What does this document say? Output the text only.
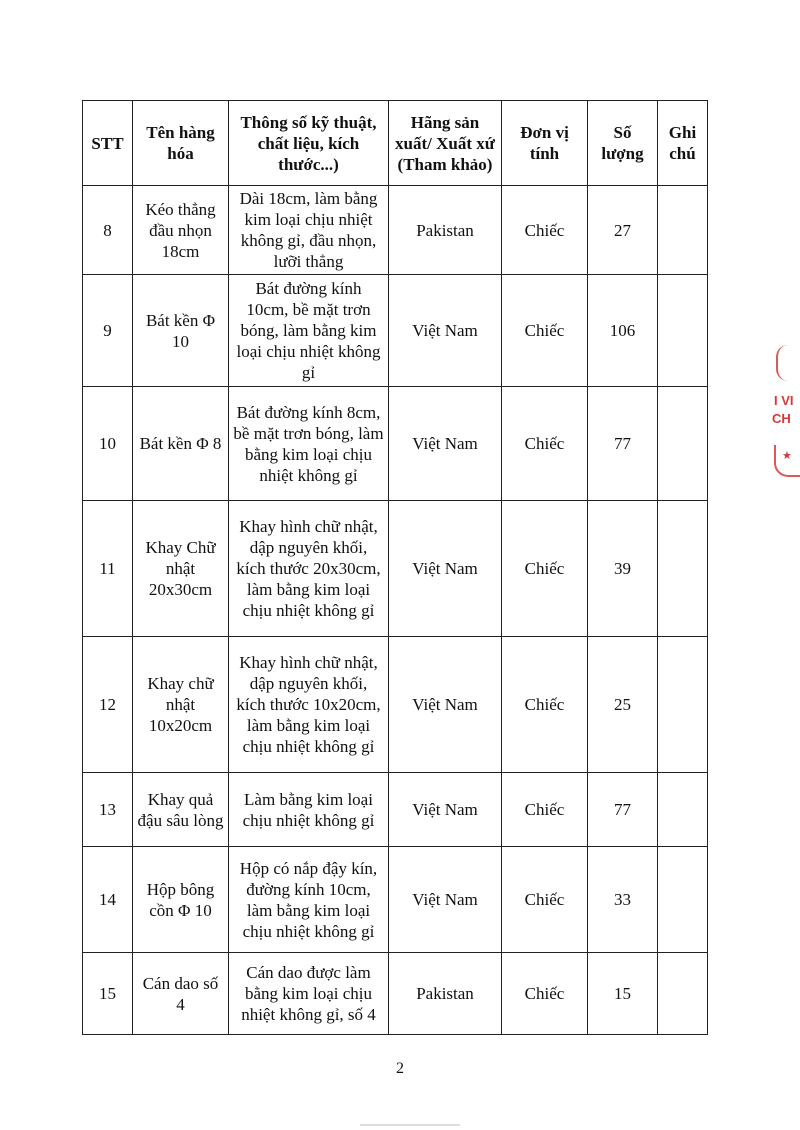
STT	Tên hàng hóa	Thông số kỹ thuật, chất liệu, kích thước...)	Hãng sản xuất/ Xuất xứ (Tham khảo)	Đơn vị tính	Số lượng	Ghi chú
8	Kéo thẳng đầu nhọn 18cm	Dài 18cm, làm bằng kim loại chịu nhiệt không gỉ, đầu nhọn, lưỡi thẳng	Pakistan	Chiếc	27	
9	Bát kền Φ 10	Bát đường kính 10cm, bề mặt trơn bóng, làm bằng kim loại chịu nhiệt không gỉ	Việt Nam	Chiếc	106	
10	Bát kền Φ 8	Bát đường kính 8cm, bề mặt trơn bóng, làm bằng kim loại chịu nhiệt không gỉ	Việt Nam	Chiếc	77	
11	Khay Chữ nhật 20x30cm	Khay hình chữ nhật, dập nguyên khối, kích thước 20x30cm, làm bằng kim loại chịu nhiệt không gỉ	Việt Nam	Chiếc	39	
12	Khay chữ nhật 10x20cm	Khay hình chữ nhật, dập nguyên khối, kích thước 10x20cm, làm bằng kim loại chịu nhiệt không gỉ	Việt Nam	Chiếc	25	
13	Khay quả đậu sâu lòng	Làm bằng kim loại chịu nhiệt không gỉ	Việt Nam	Chiếc	77	
14	Hộp bông cồn Φ 10	Hộp có nắp đậy kín, đường kính 10cm, làm bằng kim loại chịu nhiệt không gỉ	Việt Nam	Chiếc	33	
15	Cán dao số 4	Cán dao được làm bằng kim loại chịu nhiệt không gỉ, số 4	Pakistan	Chiếc	15	
2
I VI
CH
★
